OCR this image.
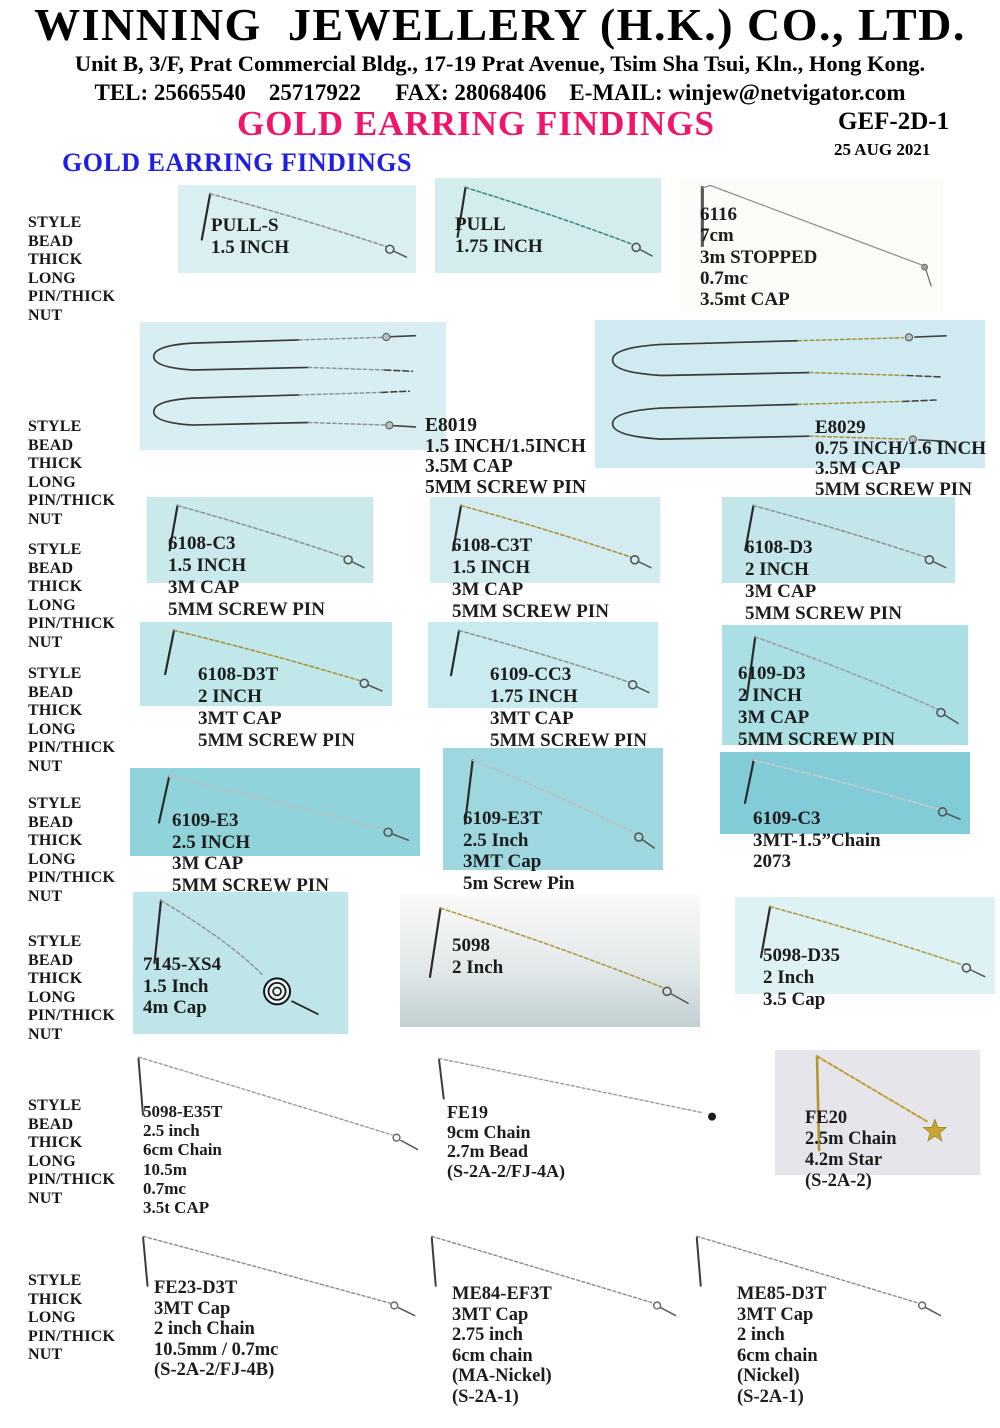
WINNING  JEWELLERY (H.K.) CO., LTD.
Unit B, 3/F, Prat Commercial Bldg., 17-19 Prat Avenue, Tsim Sha Tsui, Kln., Hong Kong.
TEL: 25665540    25717922      FAX: 28068406    E-MAIL: winjew@netvigator.com
GOLD EARRING FINDINGS	GEF-2D-1
25 AUG 2021
GOLD EARRING FINDINGS
STYLE
BEAD
THICK
LONG
PIN/THICK
NUT
PULL-S
1.5 INCH
PULL
1.75 INCH
6116
7cm
3m STOPPED
0.7mc
3.5mt CAP
STYLE
BEAD
THICK
LONG
PIN/THICK
NUT
E8019
1.5 INCH/1.5INCH
3.5M CAP
5MM SCREW PIN
E8029
0.75 INCH/1.6 INCH
3.5M CAP
5MM SCREW PIN
STYLE
BEAD
THICK
LONG
PIN/THICK
NUT
6108-C3
1.5 INCH
3M CAP
5MM SCREW PIN
6108-C3T
1.5 INCH
3M CAP
5MM SCREW PIN
6108-D3
2 INCH
3M CAP
5MM SCREW PIN
STYLE
BEAD
THICK
LONG
PIN/THICK
NUT
6108-D3T
2 INCH
3MT CAP
5MM SCREW PIN
6109-CC3
1.75 INCH
3MT CAP
5MM SCREW PIN
6109-D3
2 INCH
3M CAP
5MM SCREW PIN
STYLE
BEAD
THICK
LONG
PIN/THICK
NUT
6109-E3
2.5 INCH
3M CAP
5MM SCREW PIN
6109-E3T
2.5 Inch
3MT Cap
5m Screw Pin
6109-C3
3MT-1.5”Chain
2073
STYLE
BEAD
THICK
LONG
PIN/THICK
NUT
7145-XS4
1.5 Inch
4m Cap
5098
2 Inch
5098-D35
2 Inch
3.5 Cap
STYLE
BEAD
THICK
LONG
PIN/THICK
NUT
5098-E35T
2.5 inch
6cm Chain
10.5m
0.7mc
3.5t CAP
FE19
9cm Chain
2.7m Bead
(S-2A-2/FJ-4A)
FE20
2.5m Chain
4.2m Star
(S-2A-2)
STYLE
THICK
LONG
PIN/THICK
NUT
FE23-D3T
3MT Cap
2 inch Chain
10.5mm / 0.7mc
(S-2A-2/FJ-4B)
ME84-EF3T
3MT Cap
2.75 inch
6cm chain
(MA-Nickel)
(S-2A-1)
ME85-D3T
3MT Cap
2 inch
6cm chain
(Nickel)
(S-2A-1)
